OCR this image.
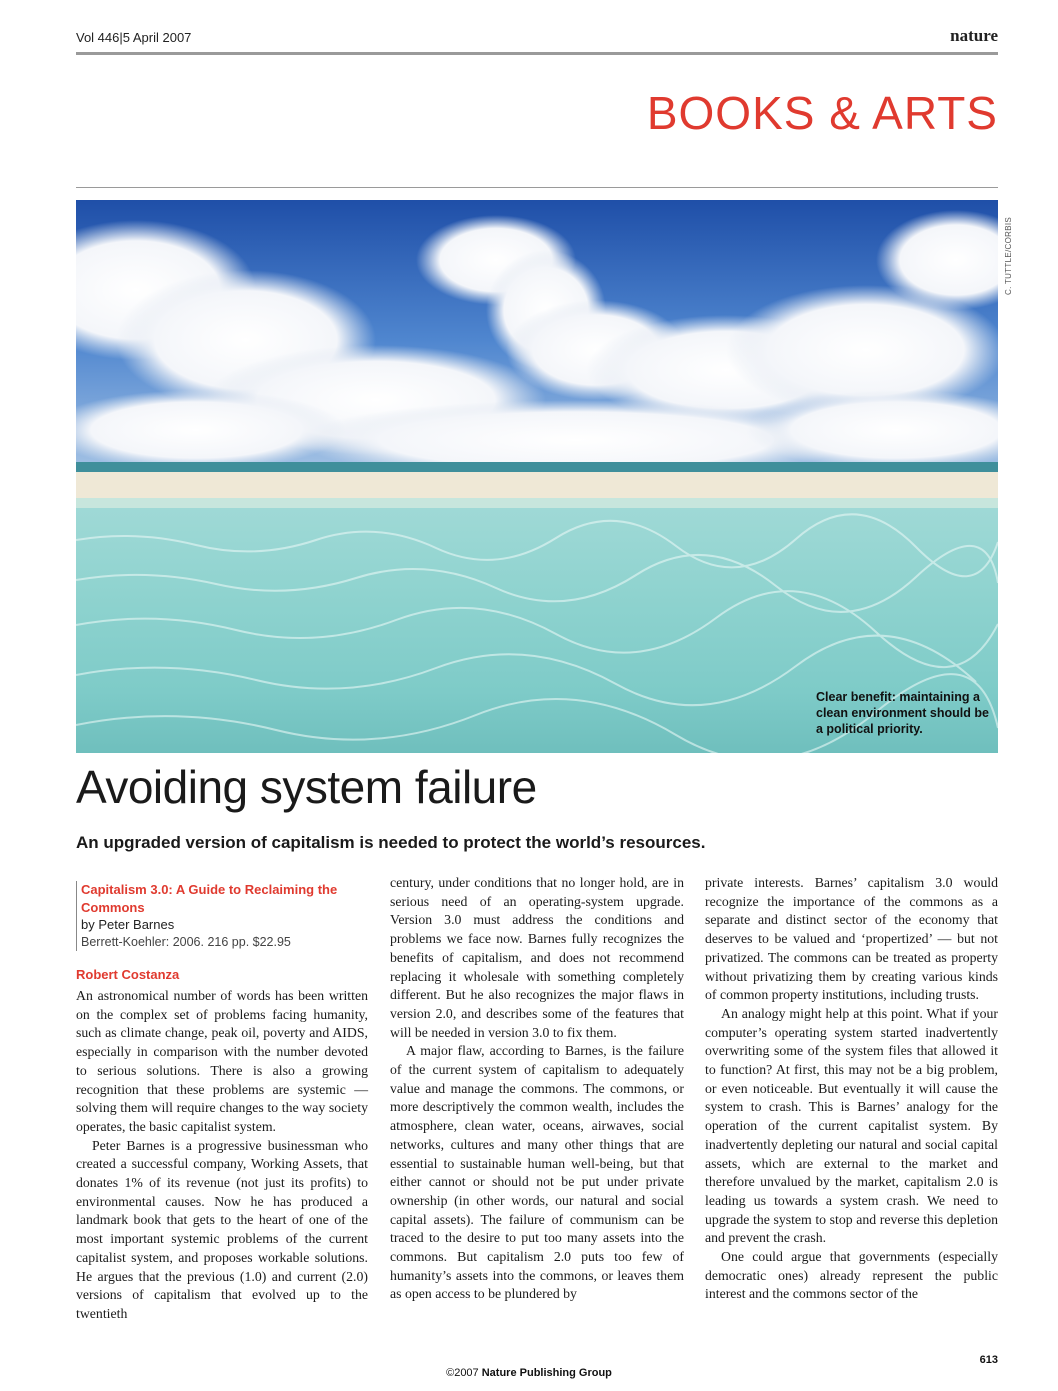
Vol 446|5 April 2007	nature
BOOKS & ARTS
C. TUTTLE/CORBIS
Clear benefit: maintaining a clean environment should be a political priority.
Avoiding system failure
An upgraded version of capitalism is needed to protect the world’s resources.
Capitalism 3.0: A Guide to Reclaiming the Commons
by Peter Barnes
Berrett-Koehler: 2006. 216 pp. $22.95
Robert Costanza

An astronomical number of words has been written on the complex set of problems facing humanity, such as climate change, peak oil, poverty and AIDS, especially in comparison with the number devoted to serious solutions. There is also a growing recognition that these problems are systemic — solving them will require changes to the way society operates, the basic capitalist system.

Peter Barnes is a progressive businessman who created a successful company, Working Assets, that donates 1% of its revenue (not just its profits) to environmental causes. Now he has produced a landmark book that gets to the heart of one of the most important systemic problems of the current capitalist system, and proposes workable solutions. He argues that the previous (1.0) and current (2.0) versions of capitalism that evolved up to the twentieth

century, under conditions that no longer hold, are in serious need of an operating-system upgrade. Version 3.0 must address the conditions and problems we face now. Barnes fully recognizes the benefits of capitalism, and does not recommend replacing it wholesale with something completely different. But he also recognizes the major flaws in version 2.0, and describes some of the features that will be needed in version 3.0 to fix them.

A major flaw, according to Barnes, is the failure of the current system of capitalism to adequately value and manage the commons. The commons, or more descriptively the common wealth, includes the atmosphere, clean water, oceans, airwaves, social networks, cultures and many other things that are essential to sustainable human well-being, but that either cannot or should not be put under private ownership (in other words, our natural and social capital assets). The failure of communism can be traced to the desire to put too many assets into the commons. But capitalism 2.0 puts too few of humanity’s assets into the commons, or leaves them as open access to be plundered by

private interests. Barnes’ capitalism 3.0 would recognize the importance of the commons as a separate and distinct sector of the economy that deserves to be valued and ‘propertized’ — but not privatized. The commons can be treated as property without privatizing them by creating various kinds of common property institutions, including trusts.

An analogy might help at this point. What if your computer’s operating system started inadvertently overwriting some of the system files that allowed it to function? At first, this may not be a big problem, or even noticeable. But eventually it will cause the system to crash. This is Barnes’ analogy for the operation of the current capitalist system. By inadvertently depleting our natural and social capital assets, which are external to the market and therefore unvalued by the market, capitalism 2.0 is leading us towards a system crash. We need to upgrade the system to stop and reverse this depletion and prevent the crash.

One could argue that governments (especially democratic ones) already represent the public interest and the commons sector of the

613
©2007 Nature Publishing Group
